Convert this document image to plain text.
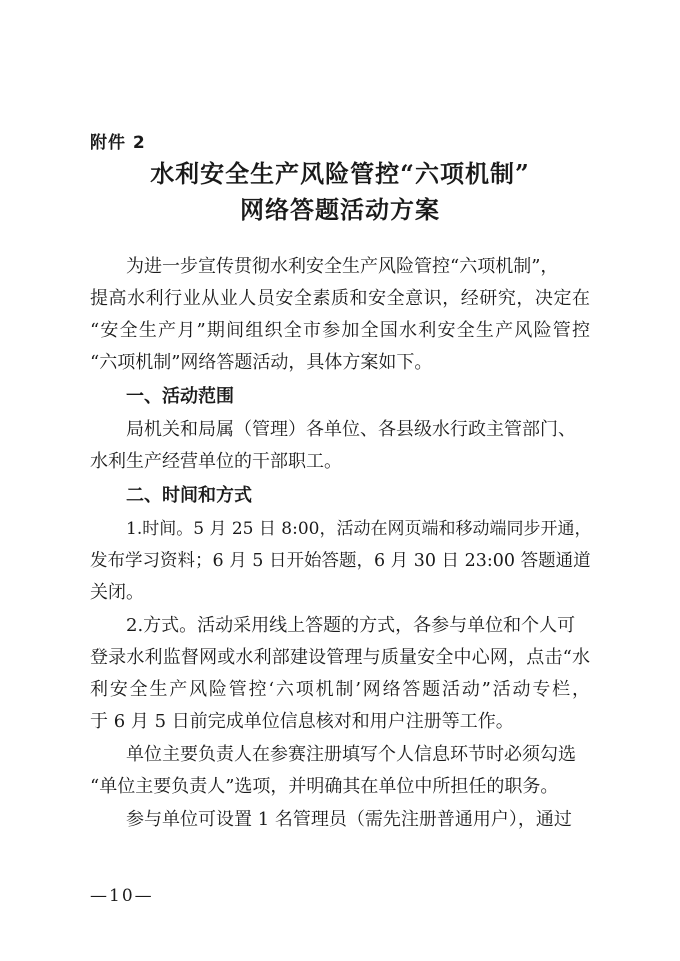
附件 2
水利安全生产风险管控“六项机制”
网络答题活动方案
为进一步宣传贯彻水利安全生产风险管控“六项机制”，
提高水利行业从业人员安全素质和安全意识，经研究，决定在
“安全生产月”期间组织全市参加全国水利安全生产风险管控
“六项机制”网络答题活动，具体方案如下。
一、活动范围
局机关和局属（管理）各单位、各县级水行政主管部门、
水利生产经营单位的干部职工。
二、时间和方式
1.时间。5 月 25 日 8:00，活动在网页端和移动端同步开通，
发布学习资料；6 月 5 日开始答题，6 月 30 日 23:00 答题通道
关闭。
2.方式。活动采用线上答题的方式，各参与单位和个人可
登录水利监督网或水利部建设管理与质量安全中心网，点击“水
利安全生产风险管控‘六项机制’网络答题活动”活动专栏，
于 6 月 5 日前完成单位信息核对和用户注册等工作。
单位主要负责人在参赛注册填写个人信息环节时必须勾选
“单位主要负责人”选项，并明确其在单位中所担任的职务。
参与单位可设置 1 名管理员（需先注册普通用户），通过
—10—
